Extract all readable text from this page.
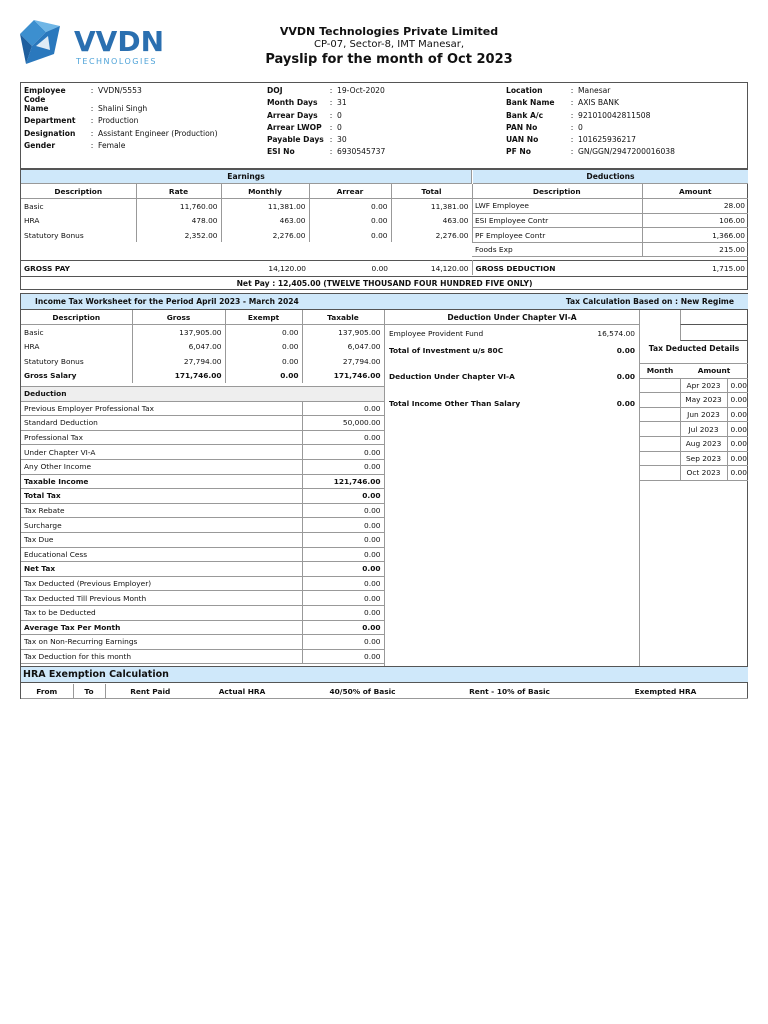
VVDN
TECHNOLOGIES
VVDN Technologies Private Limited
CP-07, Sector-8, IMT Manesar,
Payslip for the month of Oct 2023
Employee Code
: VVDN/5553
Name	: Shalini Singh
Department	: Production
Designation	: Assistant Engineer (Production)
Gender	: Female
DOJ	: 19-Oct-2020
Month Days	: 31
Arrear Days	: 0
Arrear LWOP	: 0
Payable Days : 30
ESI No	: 6930545737
Location	: Manesar
Bank Name	: AXIS BANK
Bank A/c	: 921010042811508
PAN No	: 0
UAN No	: 101625936217
PF No	: GN/GGN/2947200016038
Earnings	Deductions
Description	Rate	Monthly	Arrear	Total
Basic	11,760.00	11,381.00	0.00	11,381.00
HRA	478.00	463.00	0.00	463.00
Statutory Bonus	2,352.00	2,276.00	0.00	2,276.00
Description	Amount
LWF Employee	28.00
ESI Employee Contr	106.00
PF Employee Contr	1,366.00
Foods Exp	215.00
GROSS PAY		14,120.00	0.00	14,120.00	GROSS DEDUCTION	1,715.00
Net Pay : 12,405.00 (TWELVE THOUSAND FOUR HUNDRED FIVE ONLY)
Income Tax Worksheet for the Period April 2023 - March 2024	Tax Calculation Based on : New Regime
Description	Gross	Exempt	Taxable
Basic	137,905.00	0.00	137,905.00
HRA	6,047.00	0.00	6,047.00
Statutory Bonus	27,794.00	0.00	27,794.00
Gross Salary	171,746.00	0.00	171,746.00
Deduction	
Previous Employer Professional Tax	0.00
Standard Deduction	50,000.00
Professional Tax	0.00
Under Chapter VI-A	0.00
Any Other Income	0.00
Taxable Income	121,746.00
Total Tax	0.00
Tax Rebate	0.00
Surcharge	0.00
Tax Due	0.00
Educational Cess	0.00
Net Tax	0.00
Tax Deducted (Previous Employer)	0.00
Tax Deducted Till Previous Month	0.00
Tax to be Deducted	0.00
Average Tax Per Month	0.00
Tax on Non-Recurring Earnings	0.00
Tax Deduction for this month	0.00
Deduction Under Chapter VI-A
Employee Provident Fund	16,574.00
Total of Investment u/s 80C	0.00
Deduction Under Chapter VI-A	0.00
Total Income Other Than Salary	0.00
Tax Deducted Details
Month	Amount	
	Apr 2023	0.00
	May 2023	0.00
	Jun 2023	0.00
	Jul 2023	0.00
	Aug 2023	0.00
	Sep 2023	0.00
	Oct 2023	0.00
HRA Exemption Calculation
From	To	Rent Paid	Actual HRA	40/50% of Basic	Rent - 10% of Basic	Exempted HRA
